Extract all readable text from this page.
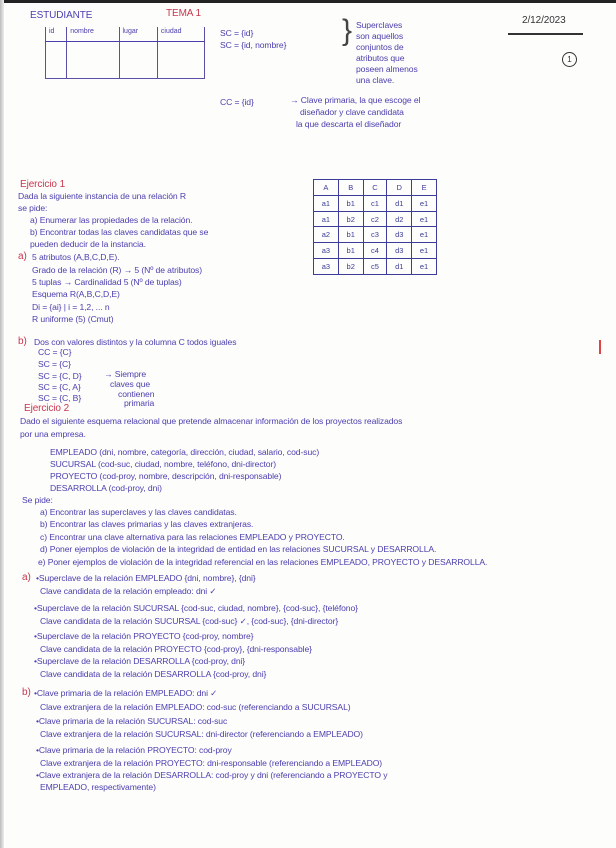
ESTUDIANTE	TEMA 1
2/12/2023
1
id	nombre	lugar	ciudad
				}
A	B	C	D	E
a1	b1	c1	d1	e1
a1	b2	c2	d2	e1
a2	b1	c3	d3	e1
a3	b1	c4	d3	e1
a3	b2	c5	d1	e1
SC = {id}
SC = {id, nombre}
Superclaves
son aquellos
conjuntos de
atributos que
poseen almenos
una clave.
CC = {id}	→ Clave primaria, la que escoge el
diseñador y clave candidata
la que descarta el diseñador
Ejercicio 1
Dada la siguiente instancia de una relación R
se pide:
a) Enumerar las propiedades de la relación.
b) Encontrar todas las claves candidatas que se
pueden deducir de la instancia.
5 atributos (A,B,C,D,E).
Grado de la relación (R) → 5 (Nº de atributos)
5 tuplas → Cardinalidad 5 (Nº de tuplas)
Esquema R(A,B,C,D,E)
Di = {ai} | i = 1,2, ... n
R uniforme (5) (Cmut)
Dos con valores distintos y la columna C todos iguales
CC = {C}
SC = {C}
SC = {C, D}
SC = {C, A}
SC = {C, B}
→ Siempre
claves que
contienen
primaria
a)
b)
Ejercicio 2
Dado el siguiente esquema relacional que pretende almacenar información de los proyectos realizados
por una empresa.
EMPLEADO (dni, nombre, categoría, dirección, ciudad, salario, cod-suc)
SUCURSAL (cod-suc, ciudad, nombre, teléfono, dni-director)
PROYECTO (cod-proy, nombre, descripción, dni-responsable)
DESARROLLA (cod-proy, dni)
Se pide:
a) Encontrar las superclaves y las claves candidatas.
b) Encontrar las claves primarias y las claves extranjeras.
c) Encontrar una clave alternativa para las relaciones EMPLEADO y PROYECTO.
d) Poner ejemplos de violación de la integridad de entidad en las relaciones SUCURSAL y DESARROLLA.
e) Poner ejemplos de violación de la integridad referencial en las relaciones EMPLEADO, PROYECTO y DESARROLLA.
•Superclave de la relación EMPLEADO {dni, nombre}, {dni}
Clave candidata de la relación empleado: dni ✓
•Superclave de la relación SUCURSAL {cod-suc, ciudad, nombre}, {cod-suc}, {teléfono}
Clave candidata de la relación SUCURSAL {cod-suc} ✓, {cod-suc}, {dni-director}
•Superclave de la relación PROYECTO {cod-proy, nombre}
Clave candidata de la relación PROYECTO {cod-proy}, {dni-responsable}
•Superclave de la relación DESARROLLA {cod-proy, dni}
Clave candidata de la relación DESARROLLA {cod-proy, dni}
•Clave primaria de la relación EMPLEADO: dni ✓
Clave extranjera de la relación EMPLEADO: cod-suc (referenciando a SUCURSAL)
•Clave primaria de la relación SUCURSAL: cod-suc
Clave extranjera de la relación SUCURSAL: dni-director (referenciando a EMPLEADO)
•Clave primaria de la relación PROYECTO: cod-proy
Clave extranjera de la relación PROYECTO: dni-responsable (referenciando a EMPLEADO)
•Clave extranjera de la relación DESARROLLA: cod-proy y dni (referenciando a PROYECTO y
EMPLEADO, respectivamente)
a)
b)
